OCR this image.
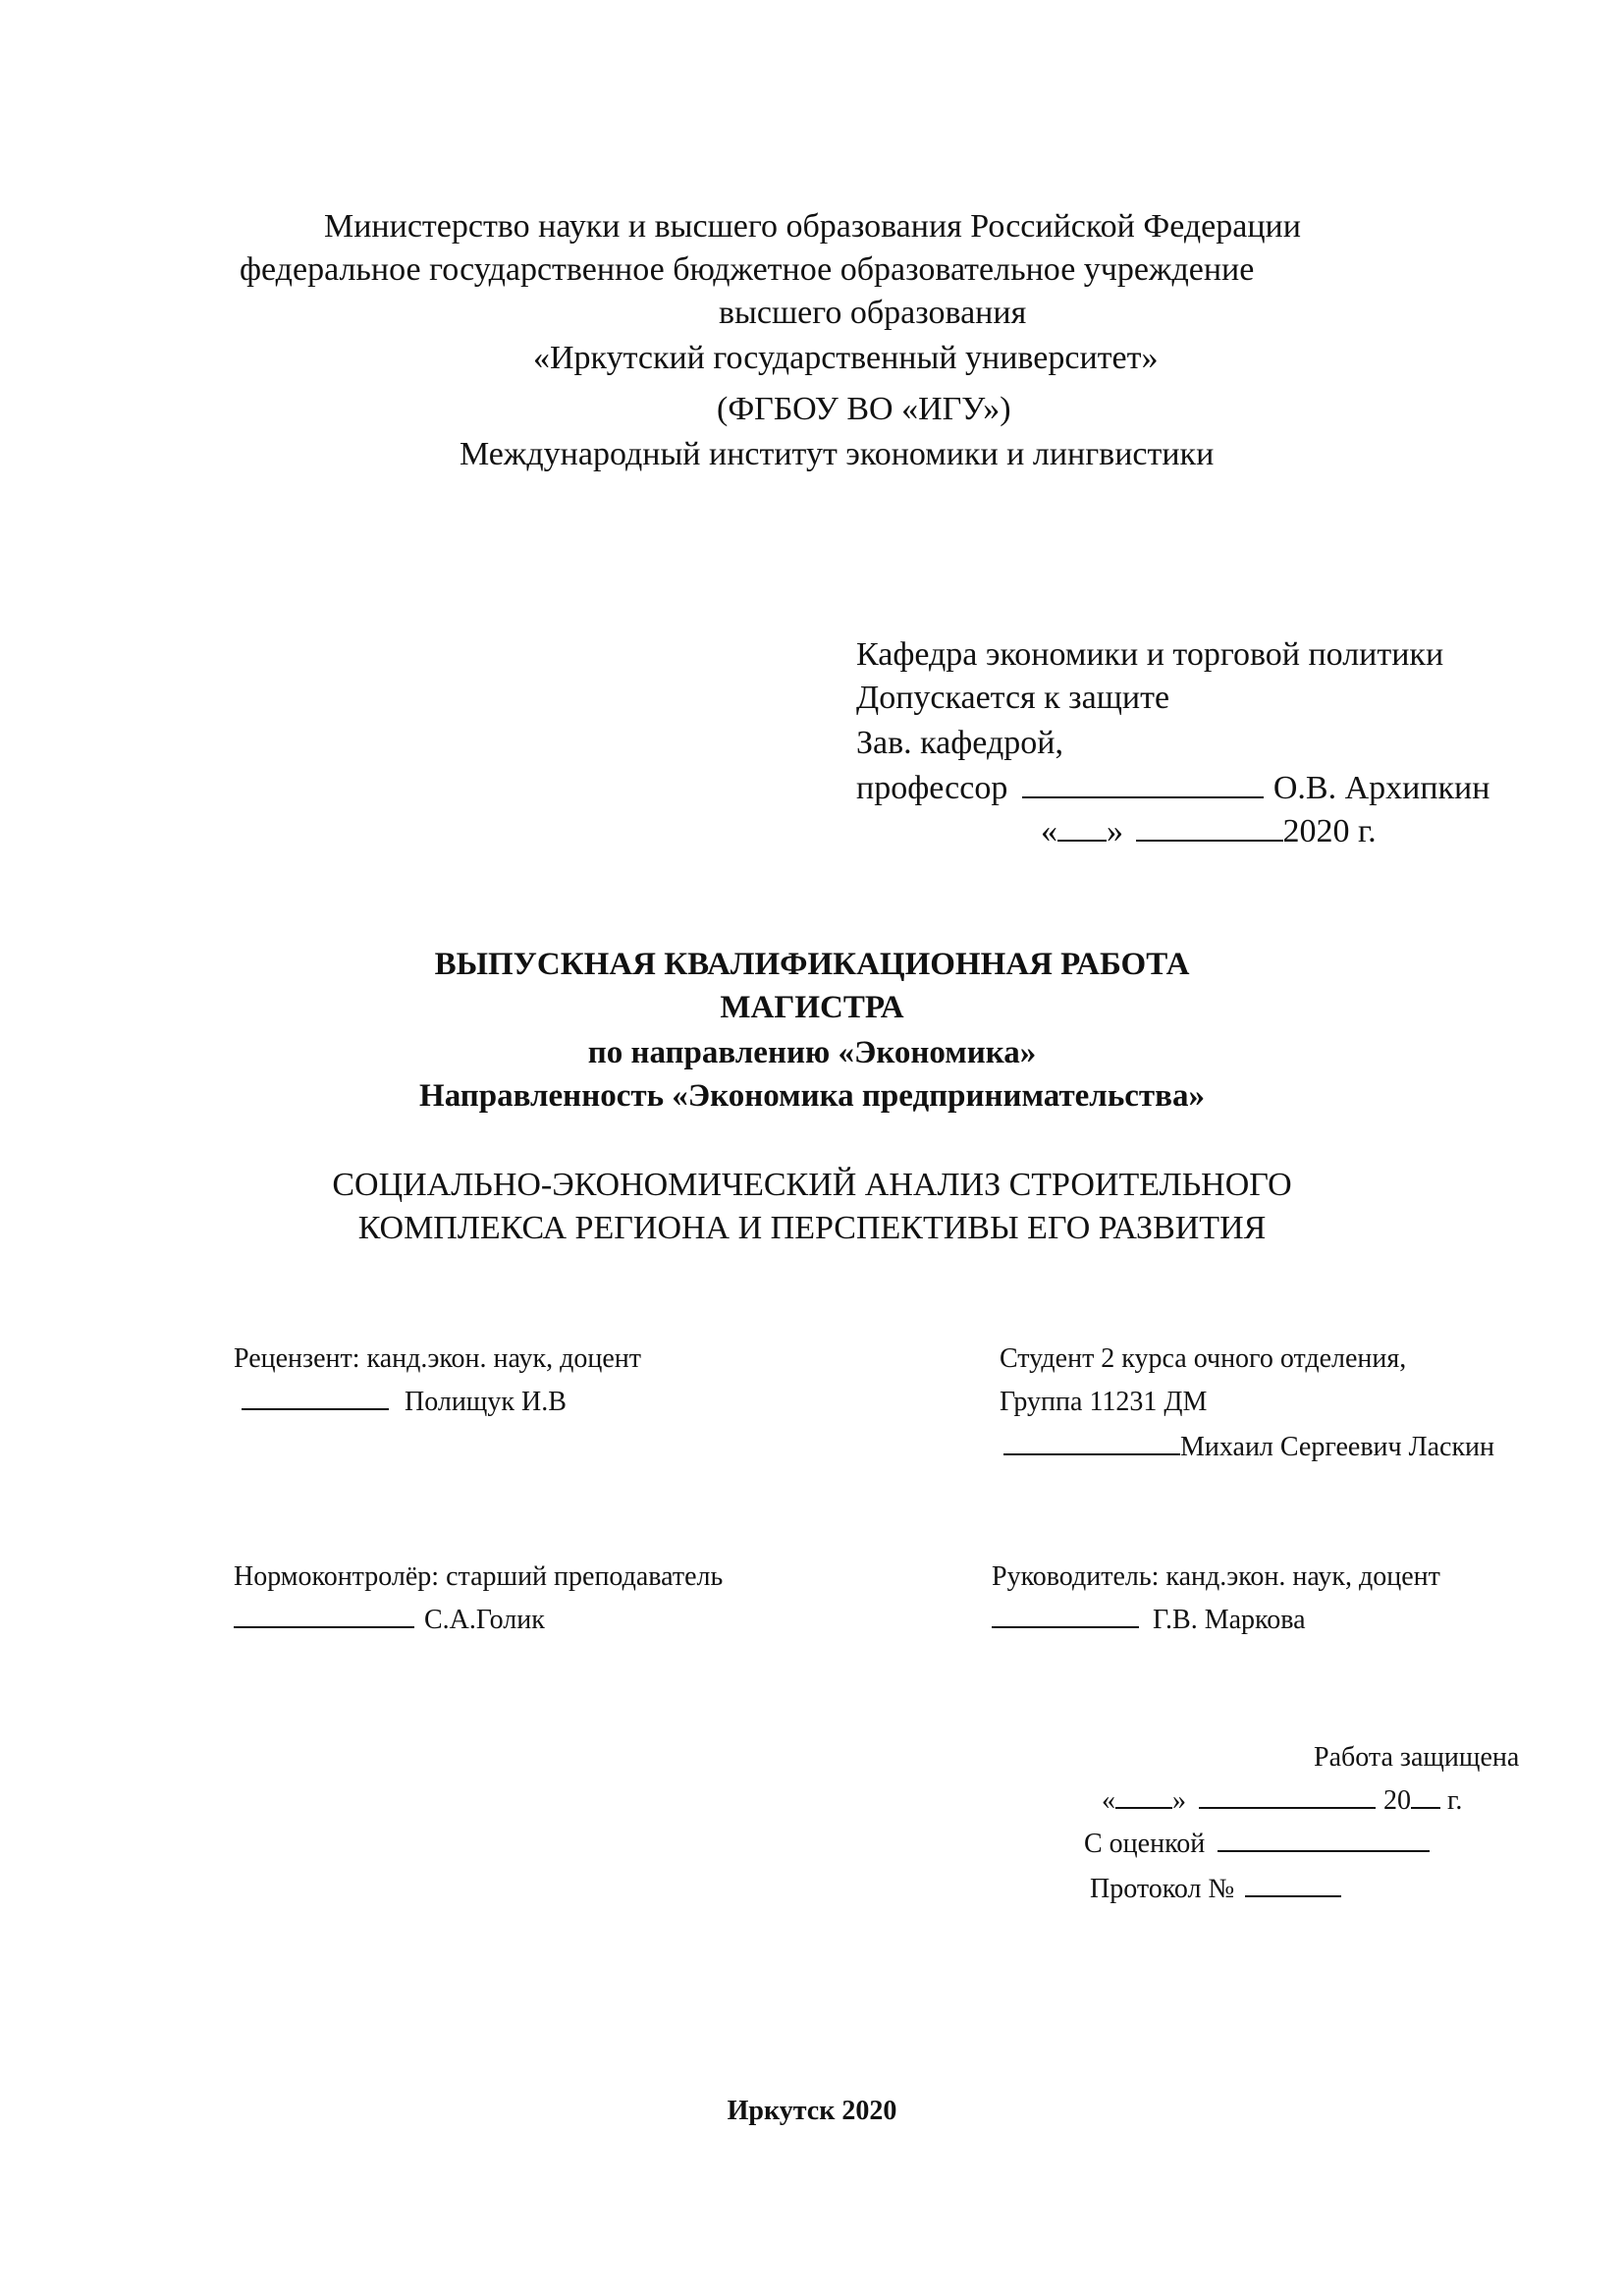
Министерство науки и высшего образования Российской Федерации
федеральное государственное бюджетное образовательное учреждение
высшего образования
«Иркутский государственный университет»
(ФГБОУ ВО «ИГУ»)
Международный институт экономики и лингвистики
Кафедра экономики и торговой политики
Допускается к защите
Зав. кафедрой,
профессор	О.В. Архипкин
« »	2020 г.
ВЫПУСКНАЯ КВАЛИФИКАЦИОННАЯ РАБОТА
МАГИСТРА
по направлению «Экономика»
Направленность «Экономика предпринимательства»
СОЦИАЛЬНО-ЭКОНОМИЧЕСКИЙ АНАЛИЗ СТРОИТЕЛЬНОГО
КОМПЛЕКСА РЕГИОНА И ПЕРСПЕКТИВЫ ЕГО РАЗВИТИЯ
Рецензент: канд.экон. наук, доцент
Полищук И.В
Студент 2 курса очного отделения,
Группа 11231 ДМ
Михаил Сергеевич Ласкин
Нормоконтролёр: старший преподаватель
С.А.Голик
Руководитель: канд.экон. наук, доцент
Г.В. Маркова
Работа защищена
« »	20 г.
С оценкой
Протокол №
Иркутск 2020
